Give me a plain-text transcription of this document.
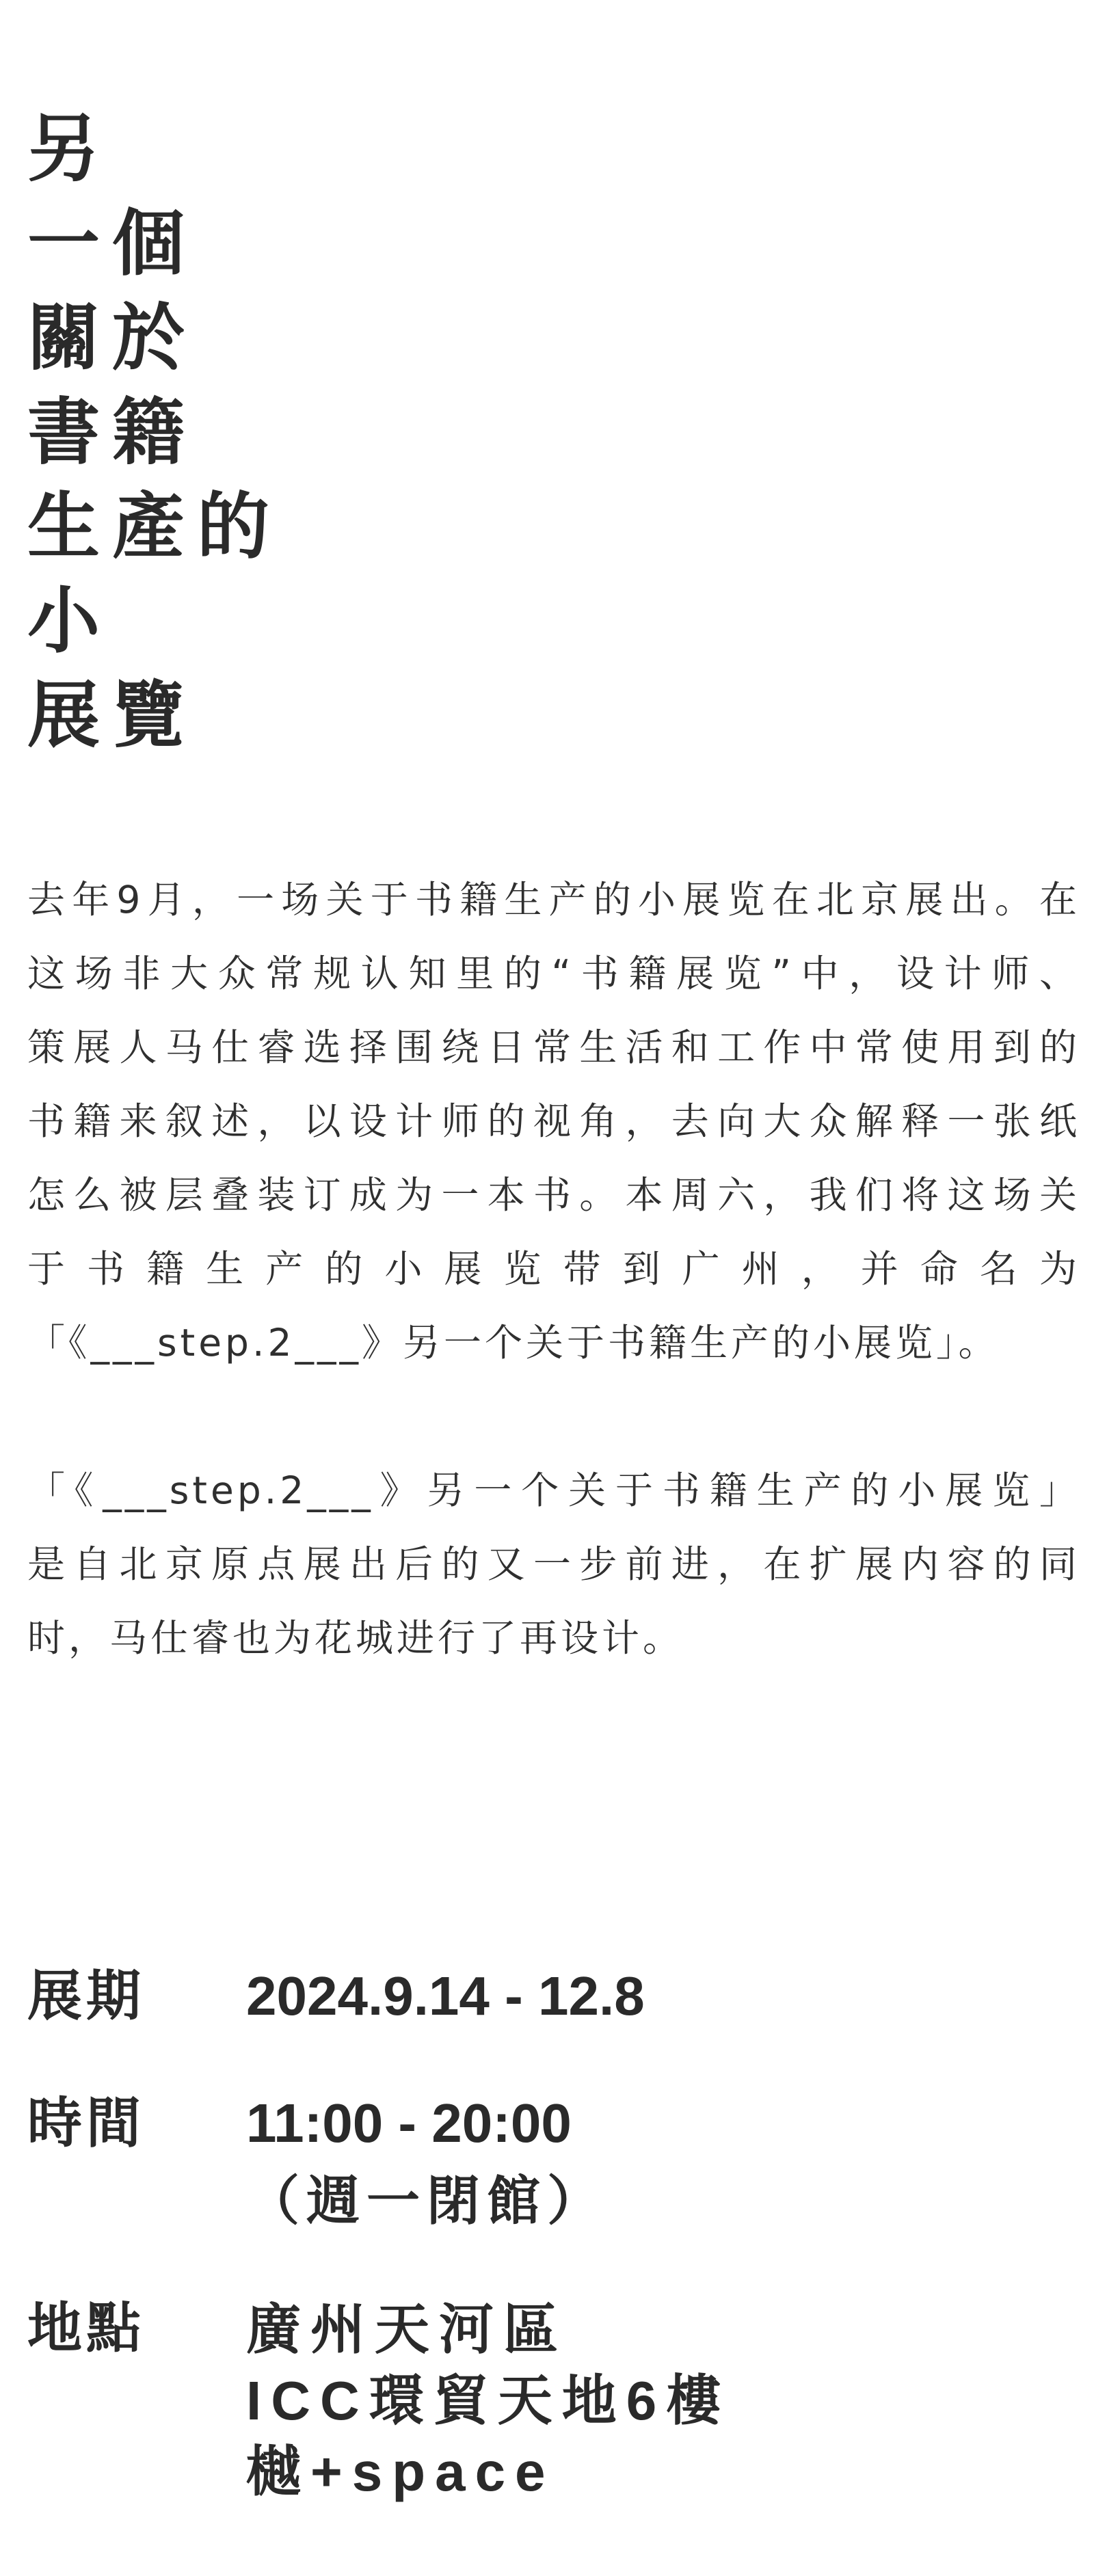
另
一個
關於
書籍
生產的
小
展覽

去年9月，一场关于书籍生产的小展览在北京展出。在
这场非大众常规认知里的“书籍展览”中，设计师、
策展人马仕睿选择围绕日常生活和工作中常使用到的
书籍来叙述，以设计师的视角，去向大众解释一张纸
怎么被层叠装订成为一本书。本周六，我们将这场关
于书籍生产的小展览带到广州，并命名为
「《___step.2___》另一个关于书籍生产的小展览」。

「《___step.2___》另一个关于书籍生产的小展览」
是自北京原点展出后的又一步前进，在扩展内容的同
时，马仕睿也为花城进行了再设计。

展期	2024.9.14 - 12.8
時間	11:00 - 20:00
（週一閉館）
地點	廣州天河區
ICC環貿天地6樓
樾+space
